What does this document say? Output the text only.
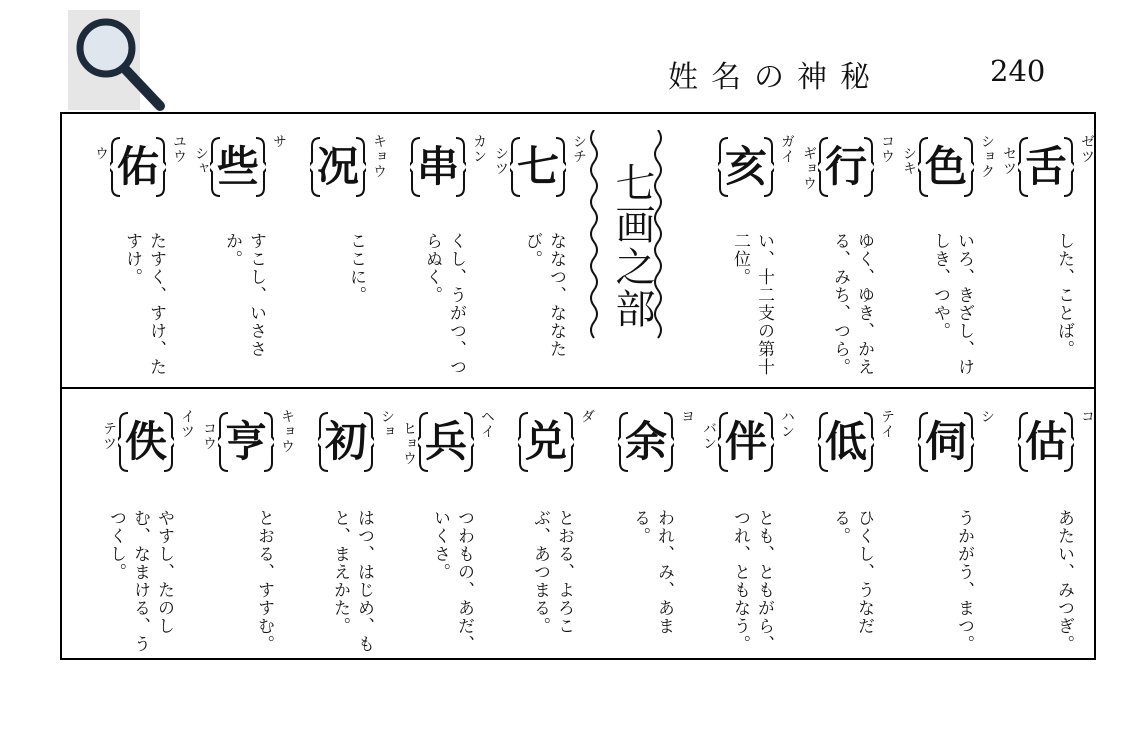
姓名の神秘	240
舌 ゼツ
セツ
した、ことば。
色 ショク
シキ
いろ、きざし、けしき、つや。
行 コウ
ギョウ
ゆく、ゆき、かえる、みち、つら。
亥 ガイ
い、十二支の第十二位。
七画之部
七 シチ
シツ
ななつ、ななたび。
串 カン
くし、うがつ、つらぬく。
况 キョウ
ここに。
些
サ
シャ
すこし、いささか。
佑 ユウ
ウ
たすく、すけ、たすけ。
估
コ
あたい、みつぎ。
伺
シ
うかがう、まつ。
低 テイ
ひくし、うなだる。
伴 ハン
バン
とも、ともがら、つれ、ともなう。
余
ヨ
われ、み、あまる。
兑
ダ
とおる、よろこぶ、あつまる。
兵 ヘイ
ヒョウ
つわもの、あだ、いくさ。
初 ショ
はつ、はじめ、もと、まえかた。
亨 キョウ
コウ
とおる、すすむ。
佚 イツ
テツ
やすし、たのしむ、なまける、うつくし。
